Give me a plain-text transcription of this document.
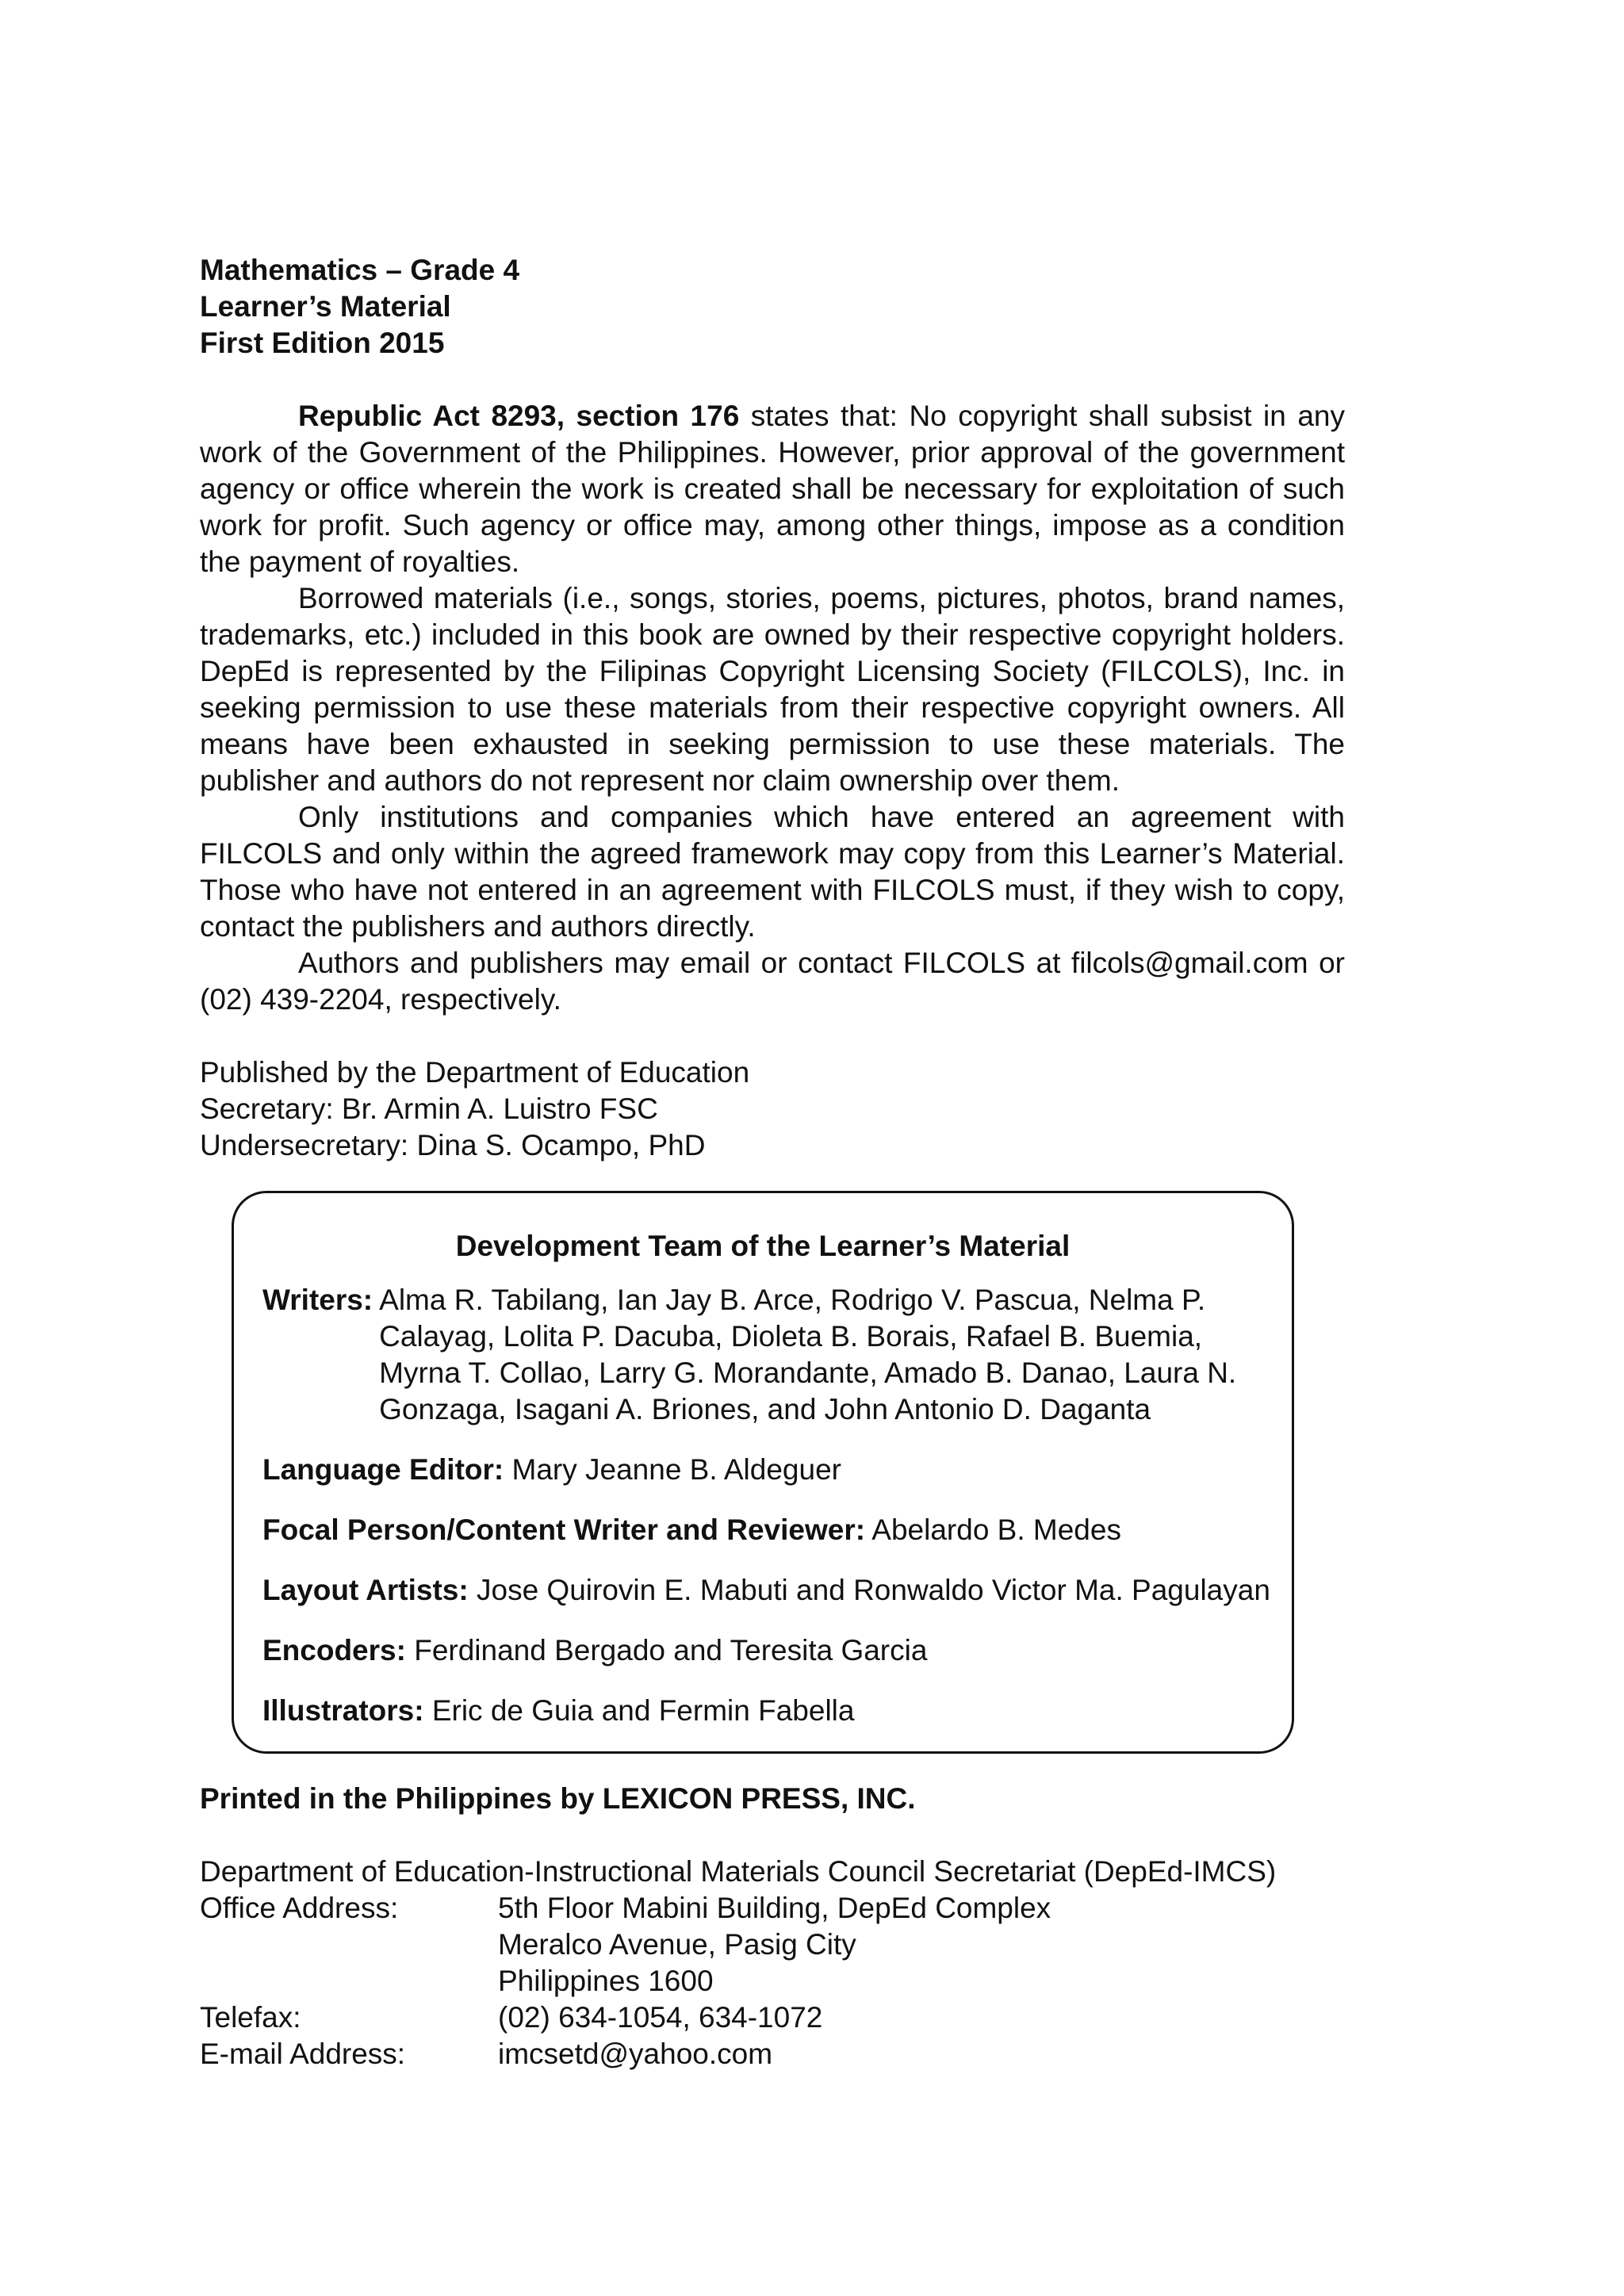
Mathematics – Grade 4
Learner’s Material
First Edition 2015

Republic Act 8293, section 176 states that: No copyright shall subsist in any work of the Government of the Philippines. However, prior approval of the government agency or office wherein the work is created shall be necessary for exploitation of such work for profit. Such agency or office may, among other things, impose as a condition the payment of royalties.

Borrowed materials (i.e., songs, stories, poems, pictures, photos, brand names, trademarks, etc.) included in this book are owned by their respective copyright holders. DepEd is represented by the Filipinas Copyright Licensing Society (FILCOLS), Inc. in seeking permission to use these materials from their respective copyright owners. All means have been exhausted in seeking permission to use these materials. The publisher and authors do not represent nor claim ownership over them.

Only institutions and companies which have entered an agreement with FILCOLS and only within the agreed framework may copy from this Learner’s Material. Those who have not entered in an agreement with FILCOLS must, if they wish to copy, contact the publishers and authors directly.

Authors and publishers may email or contact FILCOLS at filcols@gmail.com or (02) 439-2204, respectively.

Published by the Department of Education
Secretary: Br. Armin A. Luistro FSC
Undersecretary: Dina S. Ocampo, PhD
Development Team of the Learner’s Material
Writers: Alma R. Tabilang, Ian Jay B. Arce, Rodrigo V. Pascua, Nelma P.
Calayag, Lolita P. Dacuba, Dioleta B. Borais, Rafael B. Buemia,
Myrna T. Collao, Larry G. Morandante, Amado B. Danao, Laura N.
Gonzaga, Isagani A. Briones, and John Antonio D. Daganta
Language Editor: Mary Jeanne B. Aldeguer
Focal Person/Content Writer and Reviewer: Abelardo B. Medes
Layout Artists: Jose Quirovin E. Mabuti and Ronwaldo Victor Ma. Pagulayan
Encoders: Ferdinand Bergado and Teresita Garcia
Illustrators: Eric de Guia and Fermin Fabella
Printed in the Philippines by LEXICON PRESS, INC.
Department of Education-Instructional Materials Council Secretariat (DepEd-IMCS)
Office Address:	5th Floor Mabini Building, DepEd Complex
Meralco Avenue, Pasig City
Philippines 1600
Telefax:	(02) 634-1054, 634-1072
E-mail Address:	imcsetd@yahoo.com
